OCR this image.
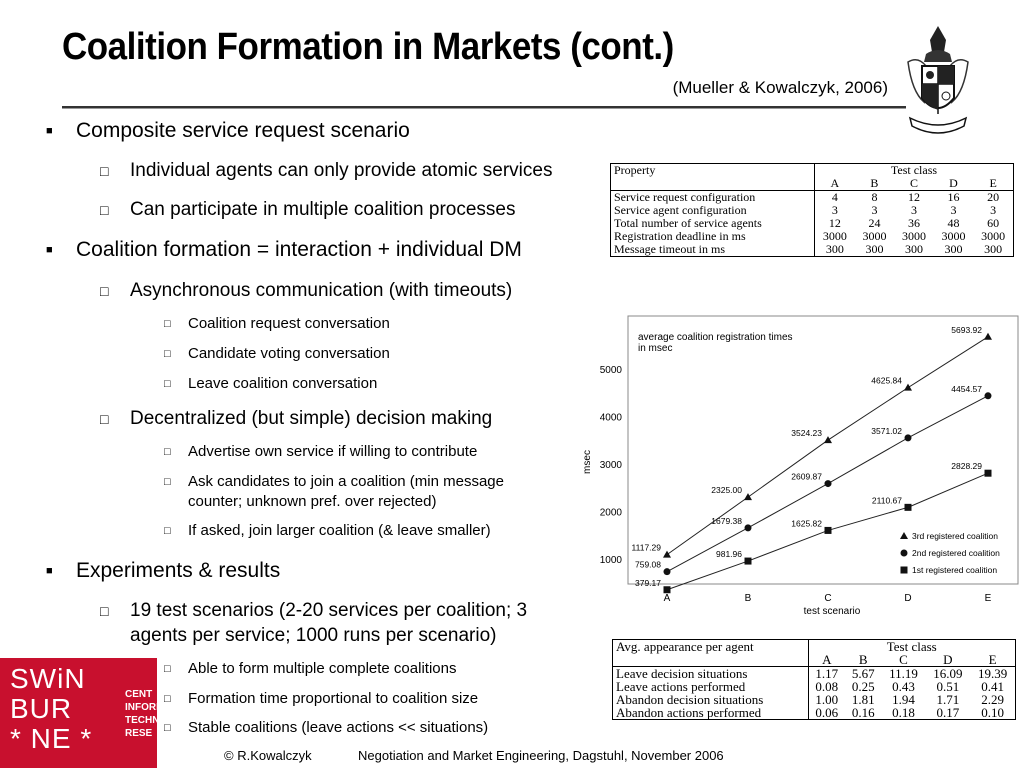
Coalition Formation in Markets (cont.)
(Mueller & Kowalczyk, 2006)
■ Composite service request scenario
□ Individual agents can only provide atomic services
□ Can participate in multiple coalition processes
■ Coalition formation = interaction + individual DM
□ Asynchronous communication (with timeouts)
□ Coalition request conversation
□ Candidate voting conversation
□ Leave coalition conversation
□ Decentralized (but simple) decision making
□ Advertise own service if willing to contribute
□ Ask candidates to join a coalition (min message
counter; unknown pref. over rejected)
□ If asked, join larger coalition (& leave smaller)
■ Experiments & results
□ 19 test scenarios (2-20 services per coalition; 3
agents per service; 1000 runs per scenario)
□ Able to form multiple complete coalitions
□ Formation time proportional to coalition size
□ Stable coalitions (leave actions << situations)
Property	Test class				
	A	B	C	D	E
Service request configuration	4	8	12	16	20
Service agent configuration	3	3	3	3	3
Total number of service agents	12	24	36	48	60
Registration deadline in ms	3000	3000	3000	3000	3000
Message timeout in ms	300	300	300	300	300
1000
2000
3000
4000
5000
A	B	C	D	E
test scenario
msec
average coalition registration times in msec
1117.29
2325.00
3524.23
4625.84
5693.92
759.08
1679.38
2609.87
3571.02
4454.57
379.17
981.96
1625.82
2110.67
2828.29
3rd registered coalition
2nd registered coalition
1st registered coalition
Avg. appearance per agent	Test class				
	A	B	C	D	E
Leave decision situations	1.17	5.67	11.19	16.09	19.39
Leave actions performed	0.08	0.25	0.43	0.51	0.41
Abandon decision situations	1.00	1.81	1.94	1.71	2.29
Abandon actions performed	0.06	0.16	0.18	0.17	0.10
SWiN
BUR
* NE *
CENT
INFORM
TECHN
RESE
© R.Kowalczyk	Negotiation and Market Engineering, Dagstuhl, November 2006
